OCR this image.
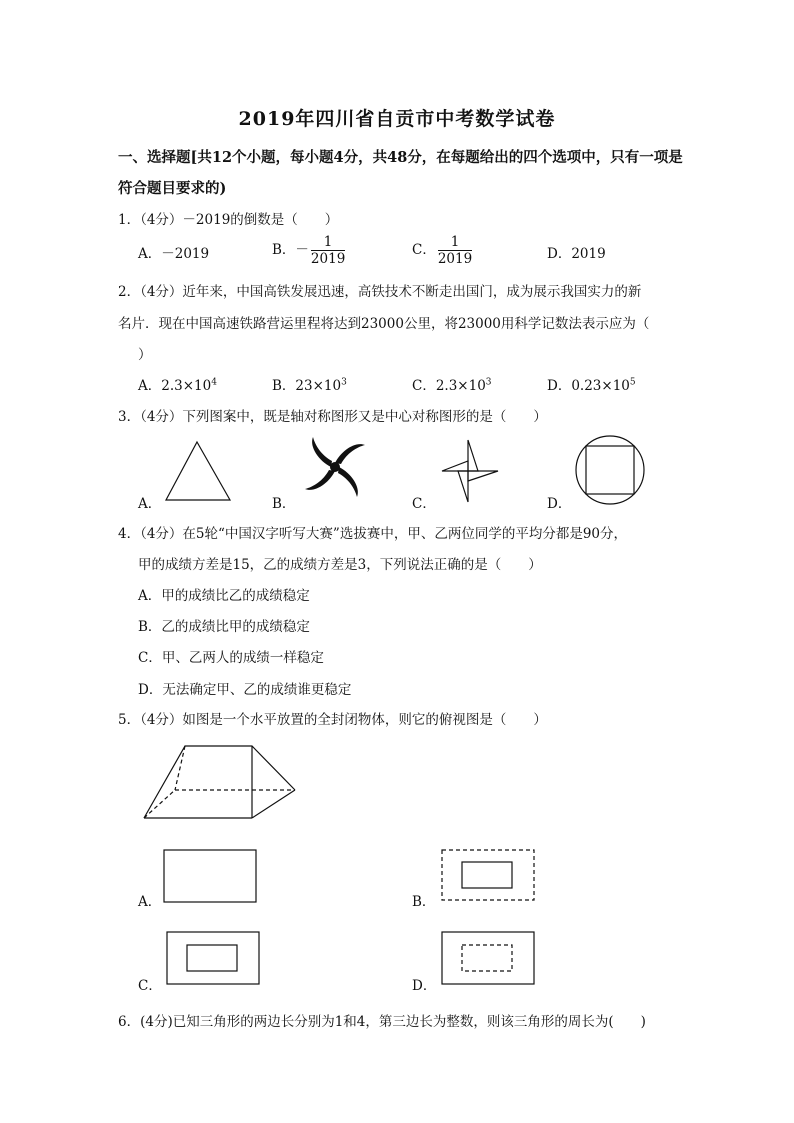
2019年四川省自贡市中考数学试卷
一、选择题[共12个小题，每小题4分，共48分，在每题给出的四个选项中，只有一项是
符合题目要求的)
1．（4分）－2019的倒数是（　　）
A．－2019	B．－ $\frac{1}{2019}$	C． $\frac{1}{2019}$	D．2019
2．（4分）近年来，中国高铁发展迅速，高铁技术不断走出国门，成为展示我国实力的新
名片．现在中国高速铁路营运里程将达到23000公里，将23000用科学记数法表示应为（
）
A．$2.3\times 10^4$	B．$23\times 10^3$	C．$2.3\times 10^3$	D．$0.23\times 10^5$
3．（4分）下列图案中，既是轴对称图形又是中心对称图形的是（　　）
A．	B．	C．	D．
4．（4分）在5轮“中国汉字听写大赛”选拔赛中，甲、乙两位同学的平均分都是90分，
甲的成绩方差是15，乙的成绩方差是3，下列说法正确的是（　　）
A．甲的成绩比乙的成绩稳定
B．乙的成绩比甲的成绩稳定
C．甲、乙两人的成绩一样稳定
D．无法确定甲、乙的成绩谁更稳定
5．（4分）如图是一个水平放置的全封闭物体，则它的俯视图是（　　）
A．	B．
C．	D．
6．(4分)已知三角形的两边长分别为1和4，第三边长为整数，则该三角形的周长为(　　)
